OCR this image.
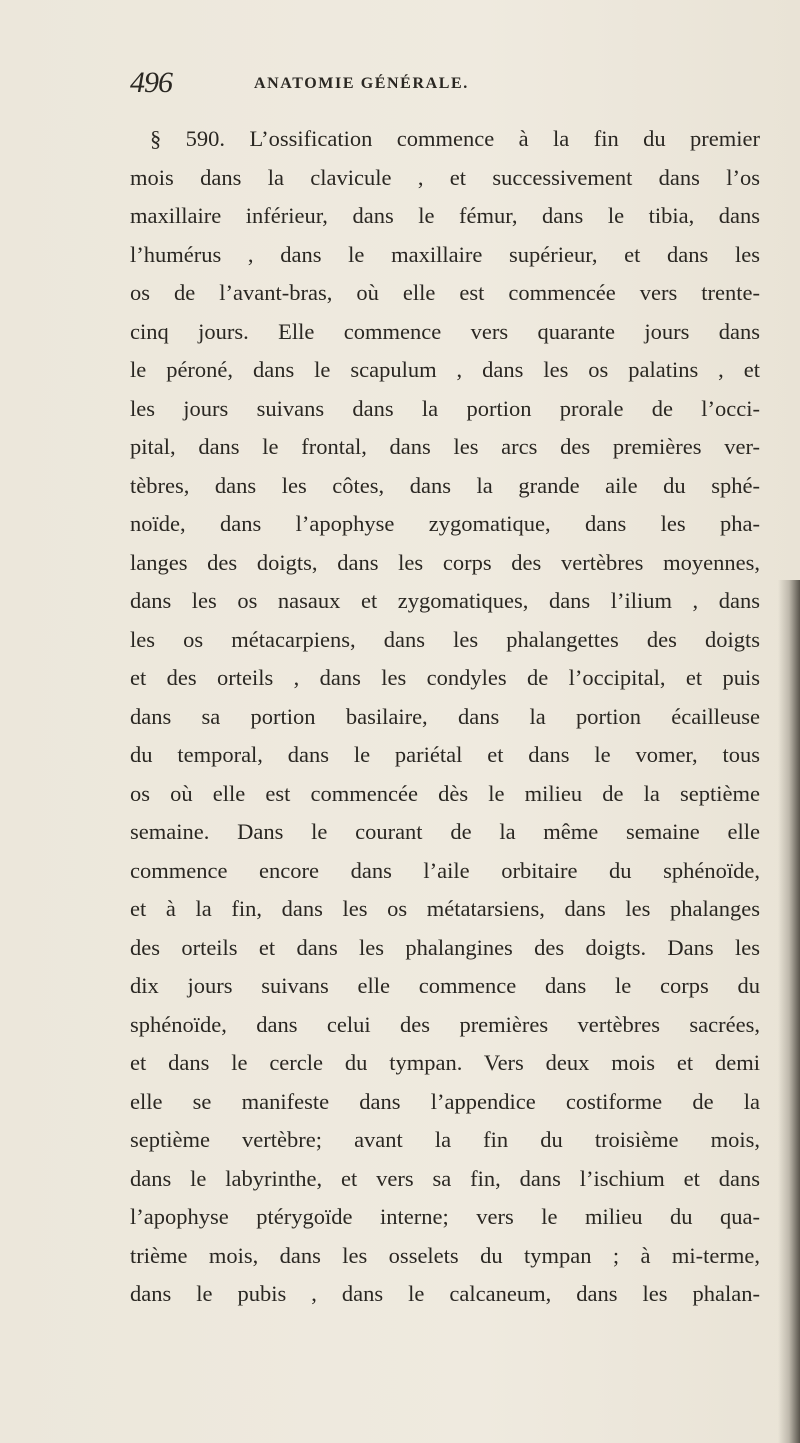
496	ANATOMIE GÉNÉRALE.
§ 590. L’ossification commence à la fin du premier
mois dans la clavicule , et successivement dans l’os
maxillaire inférieur, dans le fémur, dans le tibia, dans
l’humérus , dans le maxillaire supérieur, et dans les
os de l’avant-bras, où elle est commencée vers trente-
cinq jours. Elle commence vers quarante jours dans
le péroné, dans le scapulum , dans les os palatins , et
les jours suivans dans la portion prorale de l’occi-
pital, dans le frontal, dans les arcs des premières ver-
tèbres, dans les côtes, dans la grande aile du sphé-
noïde, dans l’apophyse zygomatique, dans les pha-
langes des doigts, dans les corps des vertèbres moyennes,
dans les os nasaux et zygomatiques, dans l’ilium , dans
les os métacarpiens, dans les phalangettes des doigts
et des orteils , dans les condyles de l’occipital, et puis
dans sa portion basilaire, dans la portion écailleuse
du temporal, dans le pariétal et dans le vomer, tous
os où elle est commencée dès le milieu de la septième
semaine. Dans le courant de la même semaine elle
commence encore dans l’aile orbitaire du sphénoïde,
et à la fin, dans les os métatarsiens, dans les phalanges
des orteils et dans les phalangines des doigts. Dans les
dix jours suivans elle commence dans le corps du
sphénoïde, dans celui des premières vertèbres sacrées,
et dans le cercle du tympan. Vers deux mois et demi
elle se manifeste dans l’appendice costiforme de la
septième vertèbre; avant la fin du troisième mois,
dans le labyrinthe, et vers sa fin, dans l’ischium et dans
l’apophyse ptérygoïde interne; vers le milieu du qua-
trième mois, dans les osselets du tympan ; à mi-terme,
dans le pubis , dans le calcaneum, dans les phalan-
